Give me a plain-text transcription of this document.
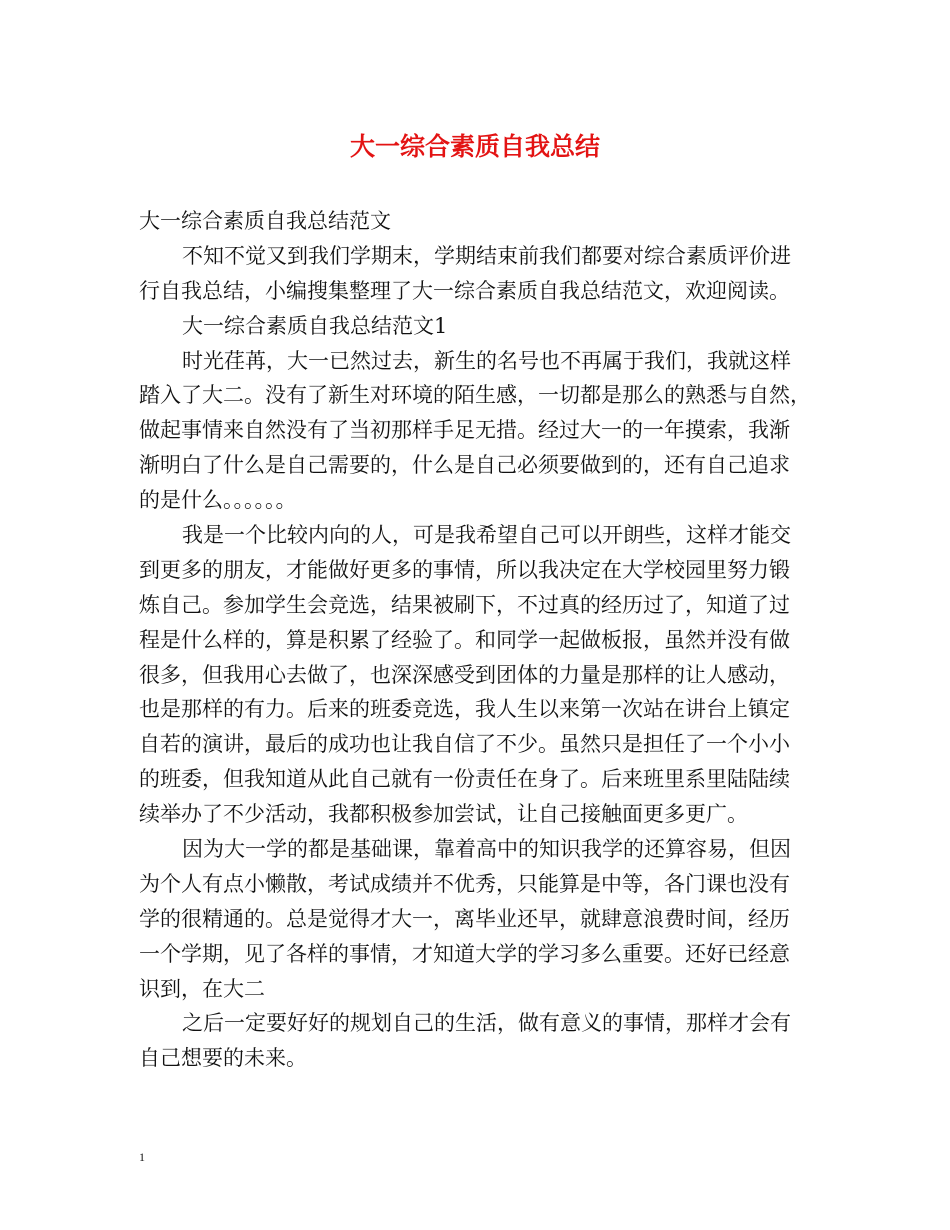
大一综合素质自我总结
大一综合素质自我总结范文
不知不觉又到我们学期末，学期结束前我们都要对综合素质评价进
行自我总结，小编搜集整理了大一综合素质自我总结范文，欢迎阅读。
大一综合素质自我总结范文1
时光荏苒，大一已然过去，新生的名号也不再属于我们，我就这样
踏入了大二。没有了新生对环境的陌生感，一切都是那么的熟悉与自然，
做起事情来自然没有了当初那样手足无措。经过大一的一年摸索，我渐
渐明白了什么是自己需要的，什么是自己必须要做到的，还有自己追求
的是什么。。。。。。
我是一个比较内向的人，可是我希望自己可以开朗些，这样才能交
到更多的朋友，才能做好更多的事情，所以我决定在大学校园里努力锻
炼自己。参加学生会竞选，结果被刷下，不过真的经历过了，知道了过
程是什么样的，算是积累了经验了。和同学一起做板报，虽然并没有做
很多，但我用心去做了，也深深感受到团体的力量是那样的让人感动，
也是那样的有力。后来的班委竞选，我人生以来第一次站在讲台上镇定
自若的演讲，最后的成功也让我自信了不少。虽然只是担任了一个小小
的班委，但我知道从此自己就有一份责任在身了。后来班里系里陆陆续
续举办了不少活动，我都积极参加尝试，让自己接触面更多更广。
因为大一学的都是基础课，靠着高中的知识我学的还算容易，但因
为个人有点小懒散，考试成绩并不优秀，只能算是中等，各门课也没有
学的很精通的。总是觉得才大一，离毕业还早，就肆意浪费时间，经历
一个学期，见了各样的事情，才知道大学的学习多么重要。还好已经意
识到，在大二
之后一定要好好的规划自己的生活，做有意义的事情，那样才会有
自己想要的未来。
1
